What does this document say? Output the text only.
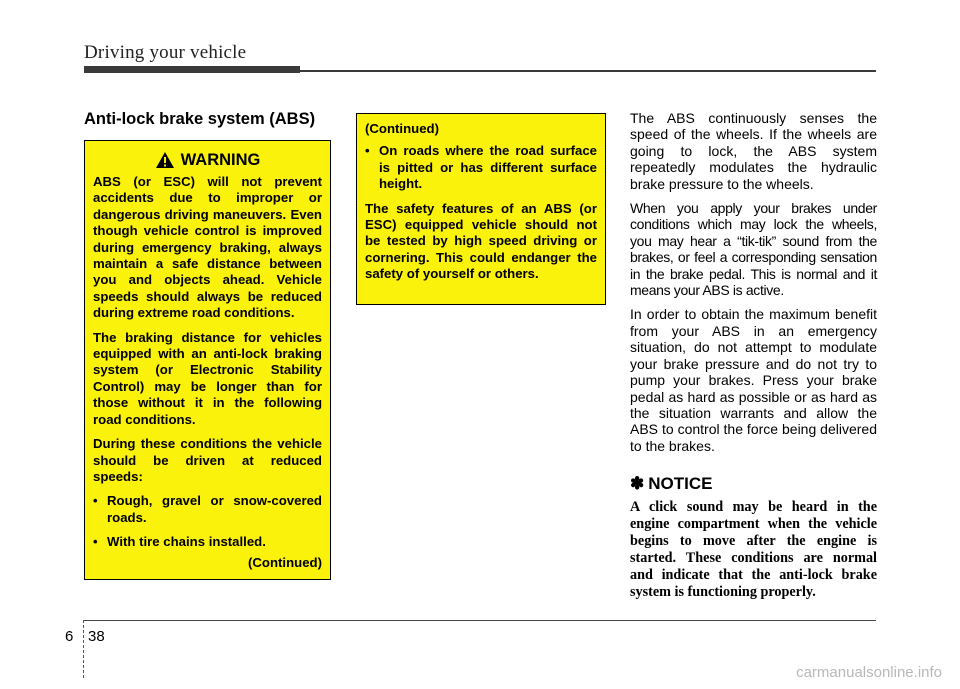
Driving your vehicle
Anti-lock brake system (ABS)
WARNING

ABS (or ESC) will not prevent accidents due to improper or dangerous driving maneuvers. Even though vehicle control is improved during emergency braking, always maintain a safe distance between you and objects ahead. Vehicle speeds should always be reduced during extreme road conditions.

The braking distance for vehicles equipped with an anti-lock braking system (or Electronic Stability Control) may be longer than for those without it in the following road conditions.

During these conditions the vehicle should be driven at reduced speeds:

• Rough, gravel or snow-covered roads.
• With tire chains installed.
(Continued)
(Continued)
• On roads where the road surface is pitted or has different surface height.

The safety features of an ABS (or ESC) equipped vehicle should not be tested by high speed driving or cornering. This could endanger the safety of yourself or others.

The ABS continuously senses the speed of the wheels. If the wheels are going to lock, the ABS system repeatedly modulates the hydraulic brake pressure to the wheels.

When you apply your brakes under conditions which may lock the wheels, you may hear a “tik-tik” sound from the brakes, or feel a corresponding sensation in the brake pedal. This is normal and it means your ABS is active.

In order to obtain the maximum benefit from your ABS in an emergency situation, do not attempt to modulate your brake pressure and do not try to pump your brakes. Press your brake pedal as hard as possible or as hard as the situation warrants and allow the ABS to control the force being delivered to the brakes.

✽ NOTICE
A click sound may be heard in the engine compartment when the vehicle begins to move after the engine is started. These conditions are normal and indicate that the anti-lock brake system is functioning properly.
6 38
carmanualsonline.info
